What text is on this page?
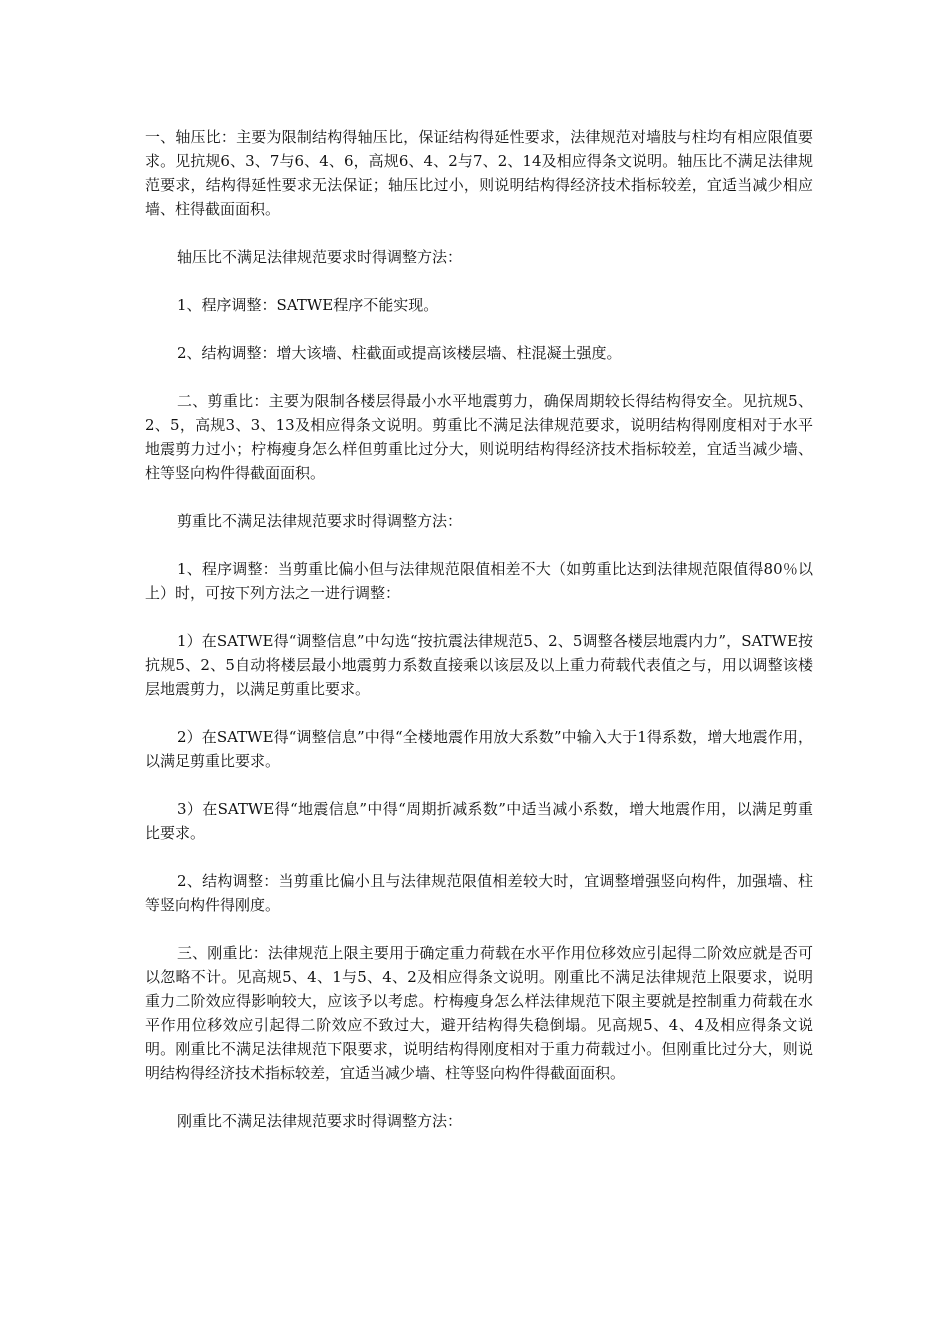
一、轴压比：主要为限制结构得轴压比，保证结构得延性要求，法律规范对墙肢与柱均有相应限值要求。见抗规6、3、7与6、4、6，高规6、4、2与7、2、14及相应得条文说明。轴压比不满足法律规范要求，结构得延性要求无法保证；轴压比过小，则说明结构得经济技术指标较差，宜适当减少相应墙、柱得截面面积。

轴压比不满足法律规范要求时得调整方法：

1、程序调整：SATWE程序不能实现。

2、结构调整：增大该墙、柱截面或提高该楼层墙、柱混凝土强度。

二、剪重比：主要为限制各楼层得最小水平地震剪力，确保周期较长得结构得安全。见抗规5、2、5，高规3、3、13及相应得条文说明。剪重比不满足法律规范要求，说明结构得刚度相对于水平地震剪力过小；柠梅瘦身怎么样但剪重比过分大，则说明结构得经济技术指标较差，宜适当减少墙、柱等竖向构件得截面面积。

剪重比不满足法律规范要求时得调整方法：

1、程序调整：当剪重比偏小但与法律规范限值相差不大（如剪重比达到法律规范限值得80％以上）时，可按下列方法之一进行调整：

1）在SATWE得“调整信息”中勾选“按抗震法律规范5、2、5调整各楼层地震内力”，SATWE按抗规5、2、5自动将楼层最小地震剪力系数直接乘以该层及以上重力荷载代表值之与，用以调整该楼层地震剪力，以满足剪重比要求。

2）在SATWE得“调整信息”中得“全楼地震作用放大系数”中输入大于1得系数，增大地震作用，以满足剪重比要求。

3）在SATWE得“地震信息”中得“周期折减系数”中适当减小系数，增大地震作用，以满足剪重比要求。

2、结构调整：当剪重比偏小且与法律规范限值相差较大时，宜调整增强竖向构件，加强墙、柱等竖向构件得刚度。

三、刚重比：法律规范上限主要用于确定重力荷载在水平作用位移效应引起得二阶效应就是否可以忽略不计。见高规5、4、1与5、4、2及相应得条文说明。刚重比不满足法律规范上限要求，说明重力二阶效应得影响较大，应该予以考虑。柠梅瘦身怎么样法律规范下限主要就是控制重力荷载在水平作用位移效应引起得二阶效应不致过大，避开结构得失稳倒塌。见高规5、4、4及相应得条文说明。刚重比不满足法律规范下限要求，说明结构得刚度相对于重力荷载过小。但刚重比过分大，则说明结构得经济技术指标较差，宜适当减少墙、柱等竖向构件得截面面积。

刚重比不满足法律规范要求时得调整方法：
